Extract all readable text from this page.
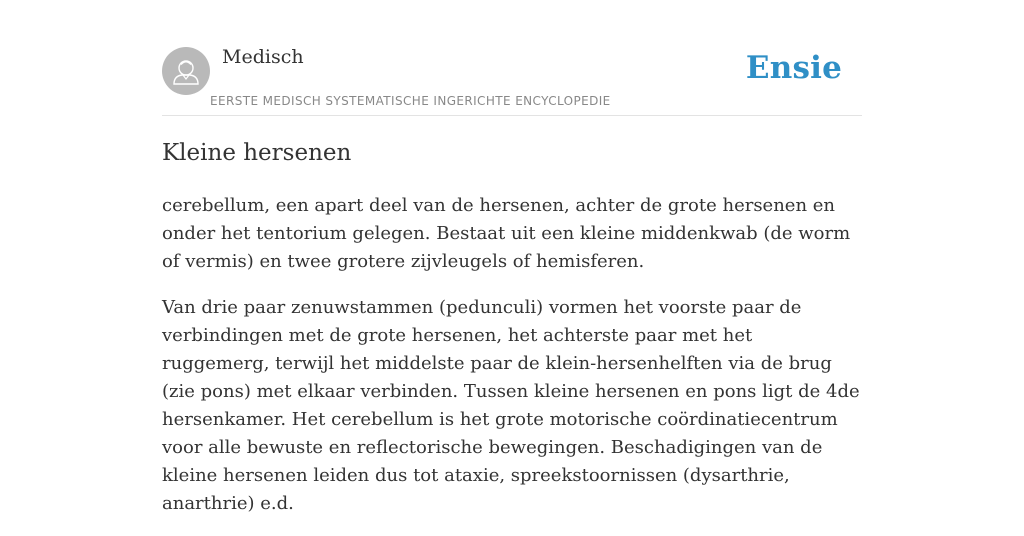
Medisch
EERSTE MEDISCH SYSTEMATISCHE INGERICHTE ENCYCLOPEDIE
Ensie
Kleine hersenen

cerebellum, een apart deel van de hersenen, achter de grote hersenen en onder het tentorium gelegen. Bestaat uit een kleine middenkwab (de worm of vermis) en twee grotere zijvleugels of hemisferen.

Van drie paar zenuwstammen (pedunculi) vormen het voorste paar de verbindingen met de grote hersenen, het achterste paar met het ruggemerg, terwijl het middelste paar de klein-hersenhelften via de brug (zie pons) met elkaar verbinden. Tussen kleine hersenen en pons ligt de 4de hersenkamer. Het cerebellum is het grote motorische coördinatiecentrum voor alle bewuste en reflectorische bewegingen. Beschadigingen van de kleine hersenen leiden dus tot ataxie, spreekstoornissen (dysarthrie, anarthrie) e.d.
